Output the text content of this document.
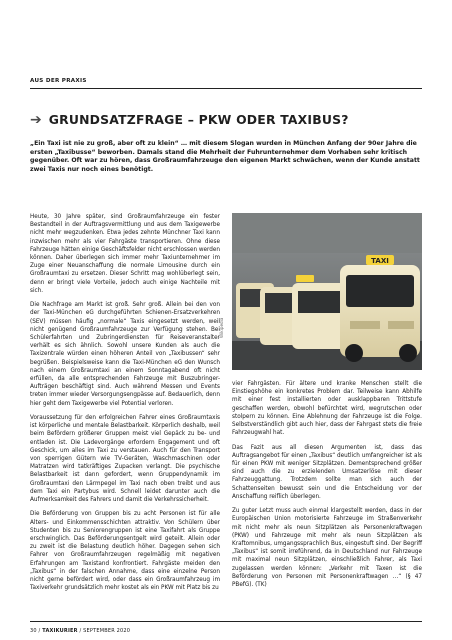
AUS DER PRAXIS
➔ GRUNDSATZFRAGE – PKW ODER TAXIBUS?

„Ein Taxi ist nie zu groß, aber oft zu klein“ … mit diesem Slogan wurden in München Anfang der 90er Jahre die ersten „Taxibusse“ beworben. Damals stand die Mehrheit der Fuhrunternehmer dem Vorhaben sehr kritisch gegenüber. Oft war zu hören, dass Großraumfahrzeuge den eigenen Markt schwächen, wenn der Kunde anstatt zwei Taxis nur noch eines benötigt.

Heute, 30 Jahre später, sind Großraumfahrzeuge ein fester Bestandteil in der Auftragsvermittlung und aus dem Taxigewerbe nicht mehr wegzudenken. Etwa jedes zehnte Münchner Taxi kann inzwischen mehr als vier Fahrgäste transportieren. Ohne diese Fahrzeuge hätten einige Geschäftsfelder nicht erschlossen werden können. Daher überlegen sich immer mehr Taxiunternehmer im Zuge einer Neuanschaffung die normale Limousine durch ein Großraumtaxi zu ersetzen. Dieser Schritt mag wohlüberlegt sein, denn er bringt viele Vorteile, jedoch auch einige Nachteile mit sich.

Die Nachfrage am Markt ist groß. Sehr groß. Allein bei den von der Taxi-München eG durchgeführten Schienen-Ersatzverkehren (SEV) müssen häufig „normale“ Taxis eingesetzt werden, weil nicht genügend Großraumfahrzeuge zur Verfügung stehen. Bei Schülerfahrten und Zubringerdiensten für Reiseveranstalter verhält es sich ähnlich. Sowohl unsere Kunden als auch die Taxizentrale würden einen höheren Anteil von „Taxibussen“ sehr begrüßen. Beispielsweise kann die Taxi-München eG den Wunsch nach einem Großraumtaxi an einem Sonntagabend oft nicht erfüllen, da alle entsprechenden Fahrzeuge mit Buszubringer-Aufträgen beschäftigt sind. Auch während Messen und Events treten immer wieder Versorgungsengpässe auf. Bedauerlich, denn hier geht dem Taxigewerbe viel Potential verloren.

Voraussetzung für den erfolgreichen Fahrer eines Großraumtaxis ist körperliche und mentale Belastbarkeit. Körperlich deshalb, weil beim Befördern größerer Gruppen meist viel Gepäck zu be- und entladen ist. Die Ladevorgänge erfordern Engagement und oft Geschick, um alles im Taxi zu verstauen. Auch für den Transport von sperrigen Gütern wie TV-Geräten, Waschmaschinen oder Matratzen wird tatkräftiges Zupacken verlangt. Die psychische Belastbarkeit ist dann gefordert, wenn Gruppendynamik im Großraumtaxi den Lärmpegel im Taxi nach oben treibt und aus dem Taxi ein Partybus wird. Schnell leidet darunter auch die Aufmerksamkeit des Fahrers und damit die Verkehrssicherheit.

Die Beförderung von Gruppen bis zu acht Personen ist für alle Alters- und Einkommensschichten attraktiv. Von Schülern über Studenten bis zu Seniorengruppen ist eine Taxifahrt als Gruppe erschwinglich. Das Beförderungsentgelt wird geteilt. Allein oder zu zweit ist die Belastung deutlich höher. Dagegen sehen sich Fahrer von Großraumfahrzeugen regelmäßig mit negativen Erfahrungen am Taxistand konfrontiert. Fahrgäste meiden den „Taxibus“ in der falschen Annahme, dass eine einzelne Person nicht gerne befördert wird, oder dass ein Großraumfahrzeug im Taxiverkehr grundsätzlich mehr kostet als ein PKW mit Platz bis zu

TAXI
Wikipedia

vier Fahrgästen. Für ältere und kranke Menschen stellt die Einstiegshöhe ein konkretes Problem dar. Teilweise kann Abhilfe mit einer fest installierten oder ausklappbaren Trittstufe geschaffen werden, obwohl befürchtet wird, wegrutschen oder stolpern zu können. Eine Ablehnung der Fahrzeuge ist die Folge. Selbstverständlich gibt auch hier, dass der Fahrgast stets die freie Fahrzeugwahl hat.

Das Fazit aus all diesen Argumenten ist, dass das Auftragsangebot für einen „Taxibus“ deutlich umfangreicher ist als für einen PKW mit weniger Sitzplätzen. Dementsprechend größer sind auch die zu erzielenden Umsatzerlöse mit dieser Fahrzeuggattung. Trotzdem sollte man sich auch der Schattenseiten bewusst sein und die Entscheidung vor der Anschaffung reiflich überlegen.

Zu guter Letzt muss auch einmal klargestellt werden, dass in der Europäischen Union motorisierte Fahrzeuge im Straßenverkehr mit nicht mehr als neun Sitzplätzen als Personenkraftwagen (PKW) und Fahrzeuge mit mehr als neun Sitzplätzen als Kraftomnibus, umgangssprachlich Bus, eingestuft sind. Der Begriff „Taxibus“ ist somit irreführend, da in Deutschland nur Fahrzeuge mit maximal neun Sitzplätzen, einschließlich Fahrer, als Taxi zugelassen werden können: „Verkehr mit Taxen ist die Beförderung von Personen mit Personenkraftwagen …“ (§ 47 PBefG). (TK)

30 / TAXIKURIER / SEPTEMBER 2020
